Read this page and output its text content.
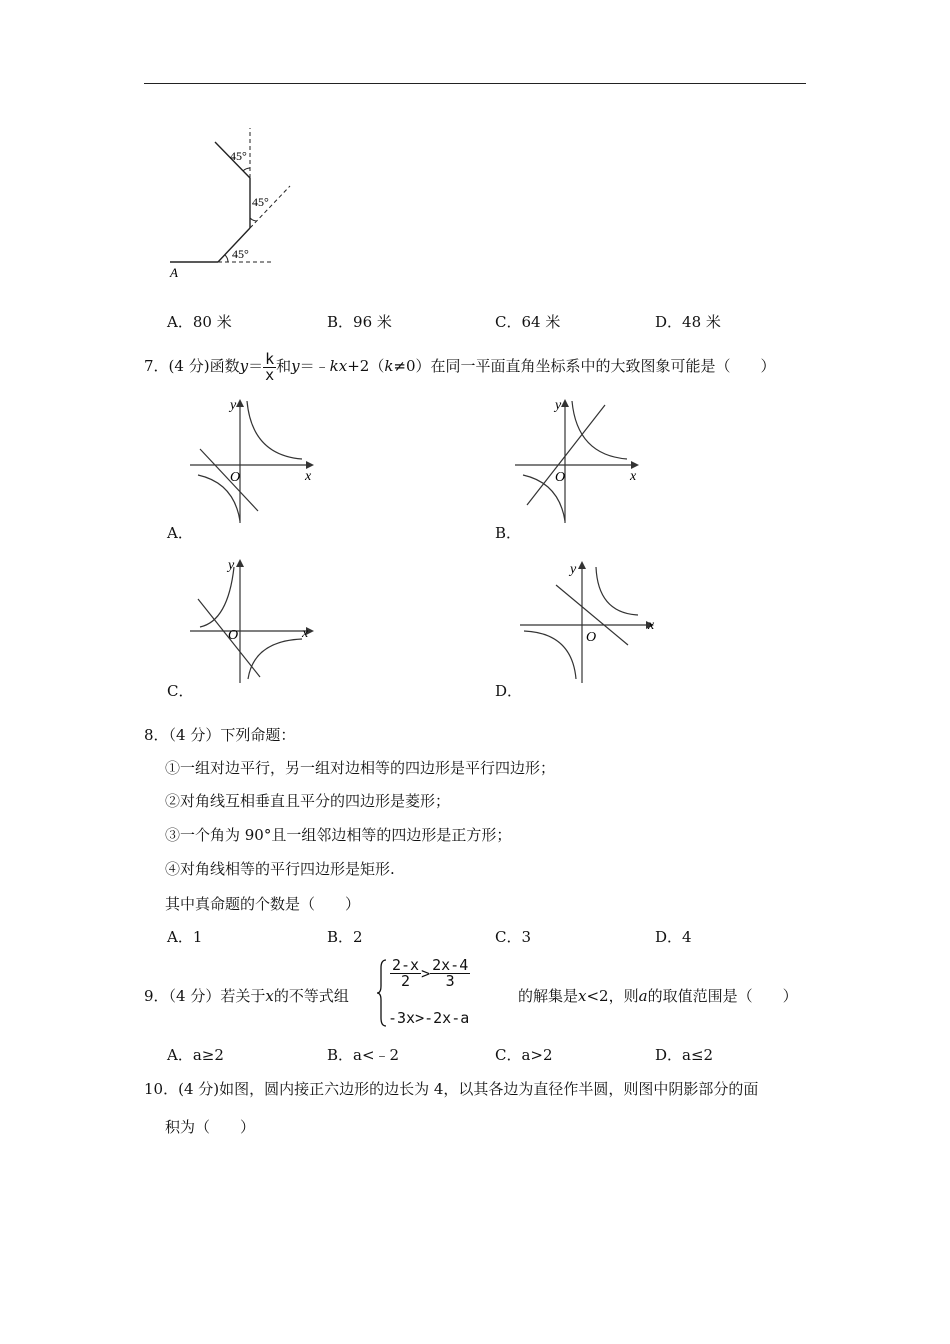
45°
45°
45°
A
A．80 米	B．96 米	C．64 米	D．48 米
7．(4 分)函数$y= \frac{k}{x}$ 和y＝﹣kx+2（k≠0）在同一平面直角坐标系中的大致图象可能是（　　）
y
x
O
A．
y
x
O
B．
y
x
O
C．
y
x
O
D．
8．（4 分）下列命题：
①一组对边平行，另一组对边相等的四边形是平行四边形；
②对角线互相垂直且平分的四边形是菱形；
③一个角为 90°且一组邻边相等的四边形是正方形；
④对角线相等的平行四边形是矩形.
其中真命题的个数是（　　）
A．1	B．2	C．3	D．4
9．（4 分）若关于x的不等式组
$\frac{2-x}{2} > \frac{2x-4}{3}$
-3x>-2x-a
的解集是x<2，则a的取值范围是（　　）
A．a≥2	B．a<﹣2	C．a>2	D．a≤2
10．(4 分)如图，圆内接正六边形的边长为 4，以其各边为直径作半圆，则图中阴影部分的面
积为（　　）
